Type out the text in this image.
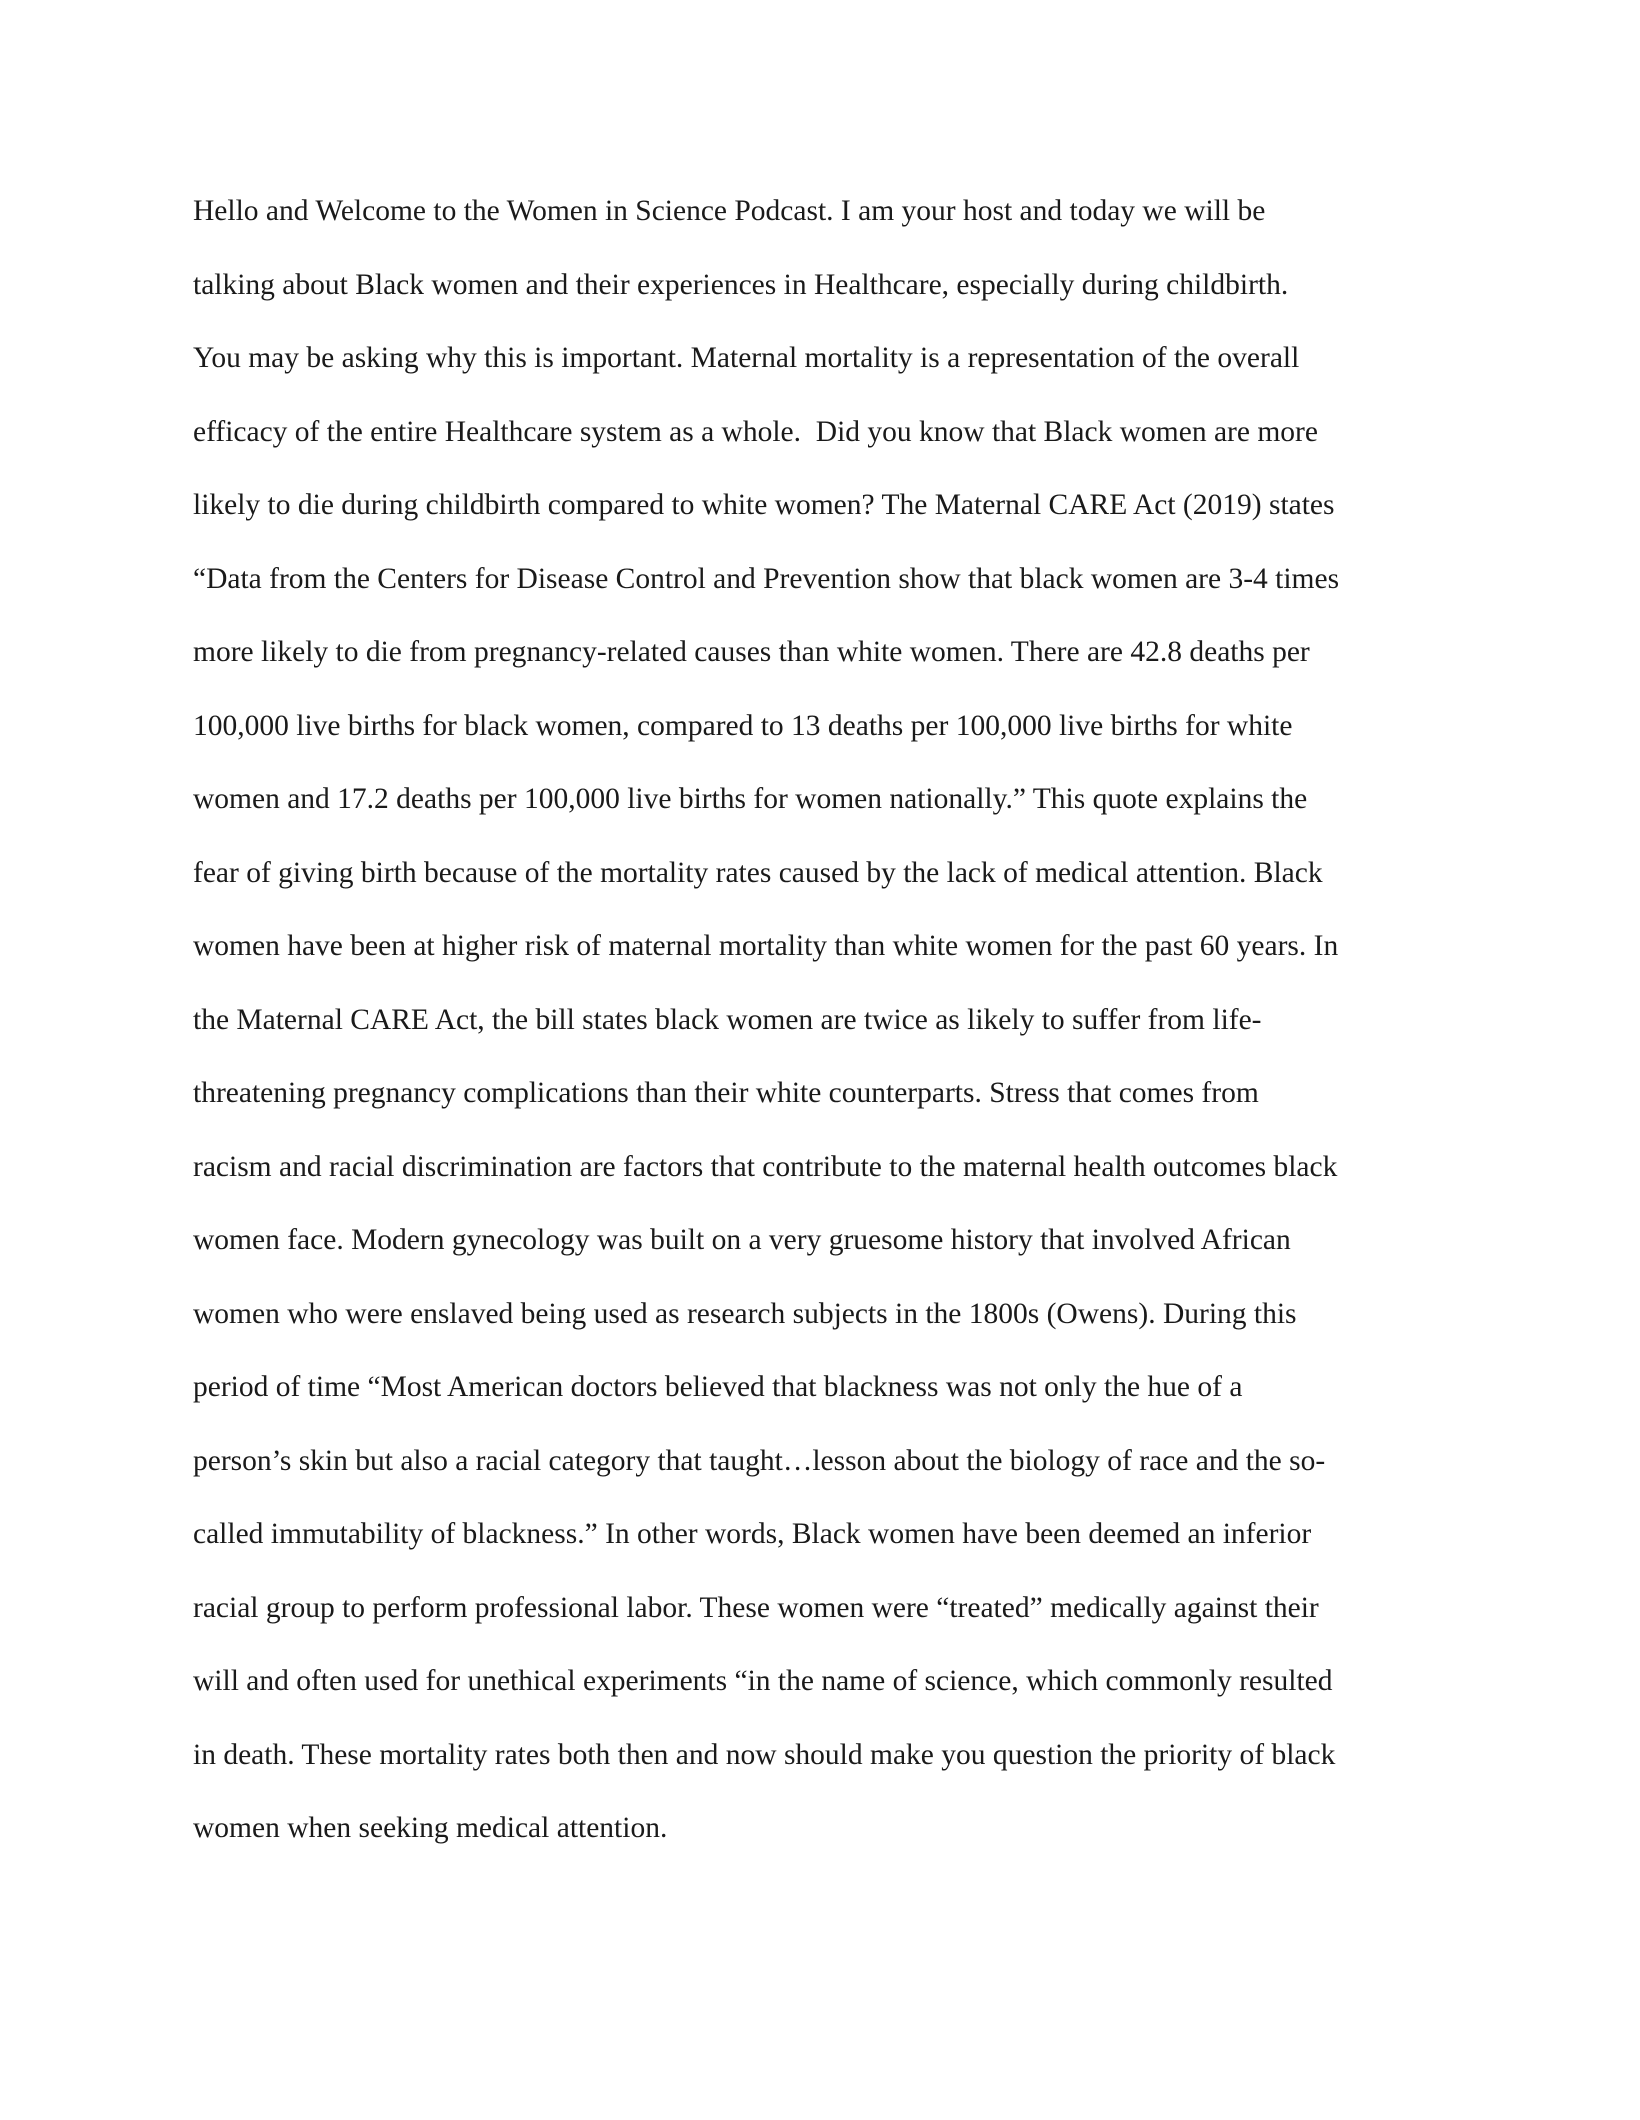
Hello and Welcome to the Women in Science Podcast. I am your host and today we will be
talking about Black women and their experiences in Healthcare, especially during childbirth.
You may be asking why this is important. Maternal mortality is a representation of the overall
efficacy of the entire Healthcare system as a whole.  Did you know that Black women are more
likely to die during childbirth compared to white women? The Maternal CARE Act (2019) states
“Data from the Centers for Disease Control and Prevention show that black women are 3-4 times
more likely to die from pregnancy-related causes than white women. There are 42.8 deaths per
100,000 live births for black women, compared to 13 deaths per 100,000 live births for white
women and 17.2 deaths per 100,000 live births for women nationally.” This quote explains the
fear of giving birth because of the mortality rates caused by the lack of medical attention. Black
women have been at higher risk of maternal mortality than white women for the past 60 years. In
the Maternal CARE Act, the bill states black women are twice as likely to suffer from life-
threatening pregnancy complications than their white counterparts. Stress that comes from
racism and racial discrimination are factors that contribute to the maternal health outcomes black
women face. Modern gynecology was built on a very gruesome history that involved African
women who were enslaved being used as research subjects in the 1800s (Owens). During this
period of time “Most American doctors believed that blackness was not only the hue of a
person’s skin but also a racial category that taught…lesson about the biology of race and the so-
called immutability of blackness.” In other words, Black women have been deemed an inferior
racial group to perform professional labor. These women were “treated” medically against their
will and often used for unethical experiments “in the name of science, which commonly resulted
in death. These mortality rates both then and now should make you question the priority of black
women when seeking medical attention.
